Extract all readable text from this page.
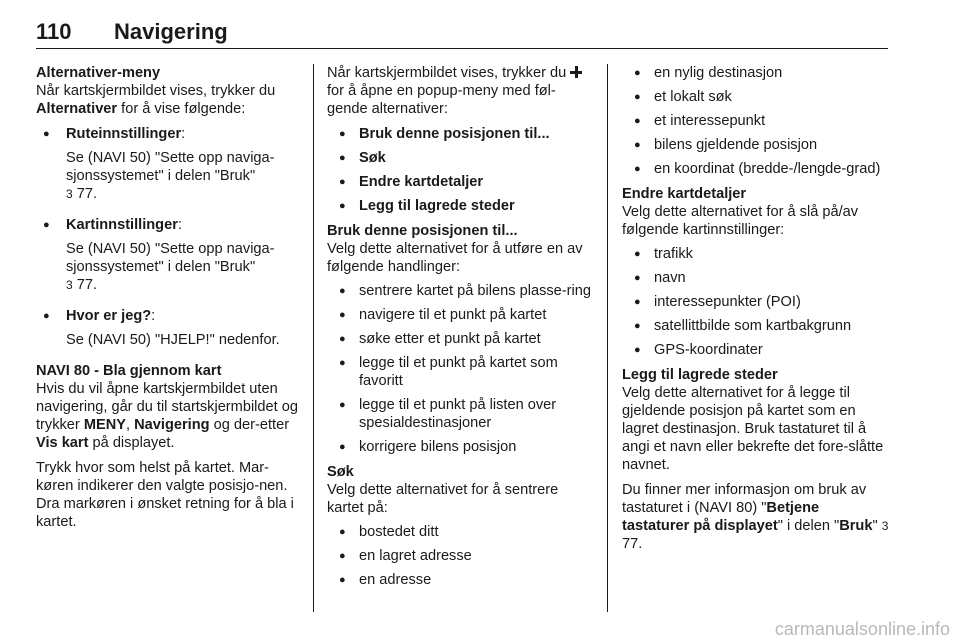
110 Navigering

Alternativer-meny

Når kartskjermbildet vises, trykker du Alternativer for å vise følgende:

● Ruteinnstillinger:

Se (NAVI 50) "Sette opp naviga-sjonssystemet" i delen "Bruk"

3 77.

● Kartinnstillinger:

Se (NAVI 50) "Sette opp naviga-sjonssystemet" i delen "Bruk"

3 77.

● Hvor er jeg?:

Se (NAVI 50) "HJELP!" nedenfor.

NAVI 80 - Bla gjennom kart

Hvis du vil åpne kartskjermbildet uten navigering, går du til startskjermbildet og trykker MENY, Navigering og der-etter Vis kart på displayet.

Trykk hvor som helst på kartet. Mar-køren indikerer den valgte posisjo-nen. Dra markøren i ønsket retning for å bla i kartet.

Når kartskjermbildet vises, trykker du for å åpne en popup-meny med føl-gende alternativer:

● Bruk denne posisjonen til...
● Søk
● Endre kartdetaljer
● Legg til lagrede steder

Bruk denne posisjonen til...

Velg dette alternativet for å utføre en av følgende handlinger:

● sentrere kartet på bilens plasse-ring
● navigere til et punkt på kartet
● søke etter et punkt på kartet
● legge til et punkt på kartet som favoritt
● legge til et punkt på listen over spesialdestinasjoner
● korrigere bilens posisjon

Søk

Velg dette alternativet for å sentrere kartet på:

● bostedet ditt
● en lagret adresse
● en adresse
● en nylig destinasjon
● et lokalt søk
● et interessepunkt
● bilens gjeldende posisjon
● en koordinat (bredde-/lengde-grad)

Endre kartdetaljer

Velg dette alternativet for å slå på/av følgende kartinnstillinger:

● trafikk
● navn
● interessepunkter (POI)
● satellittbilde som kartbakgrunn
● GPS-koordinater

Legg til lagrede steder

Velg dette alternativet for å legge til gjeldende posisjon på kartet som en lagret destinasjon. Bruk tastaturet til å angi et navn eller bekrefte det fore-slåtte navnet.

Du finner mer informasjon om bruk av tastaturet i (NAVI 80) "Betjene tastaturer på displayet" i delen "Bruk" 3 77.

carmanualsonline.info
